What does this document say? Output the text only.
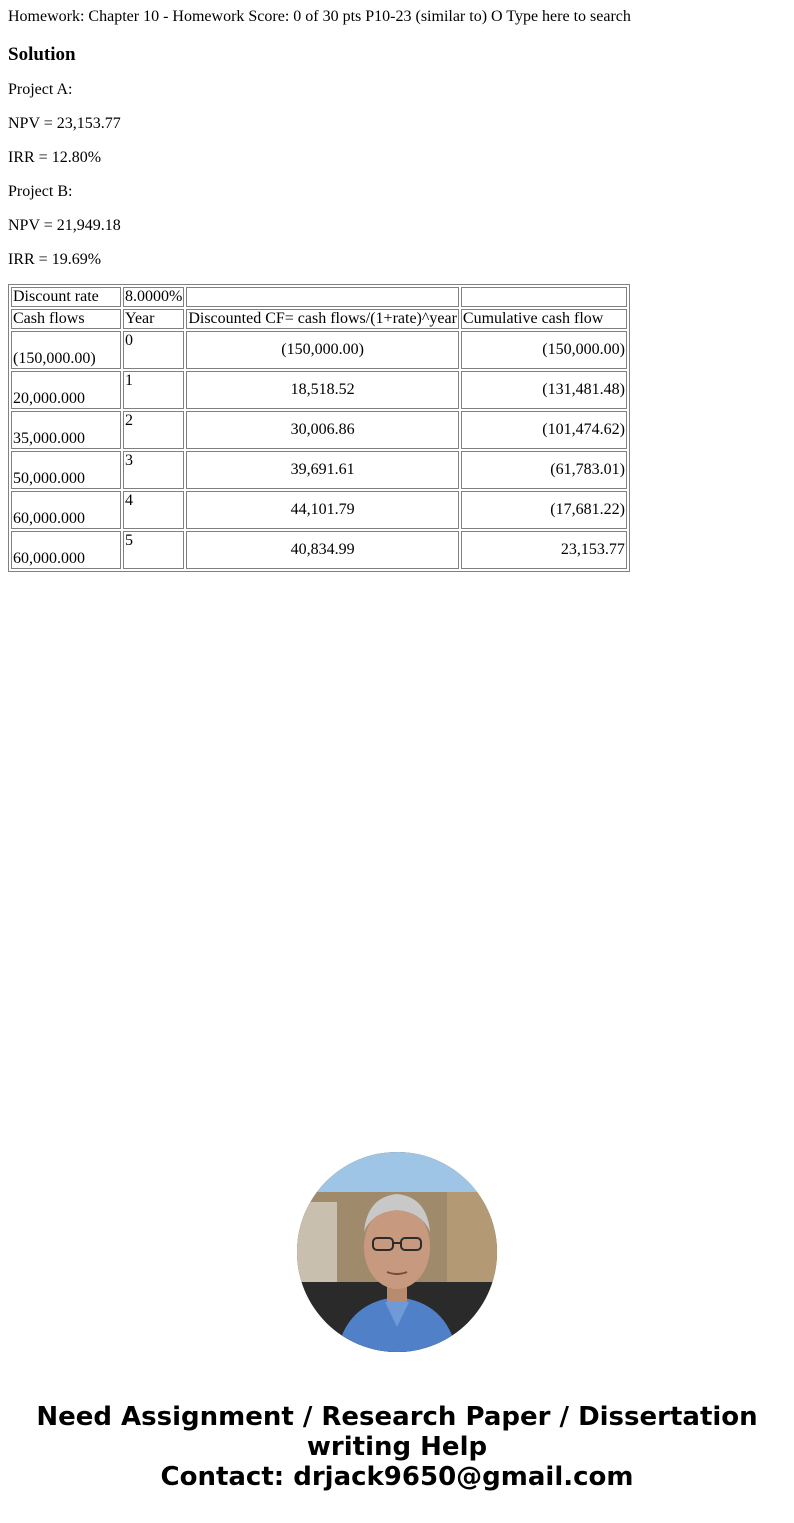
Homework: Chapter 10 - Homework Score: 0 of 30 pts P10-23 (similar to) O Type here to search
Solution

Project A:

NPV = 23,153.77

IRR = 12.80%

Project B:

NPV = 21,949.18

IRR = 19.69%

Discount rate	8.0000%		
Cash flows	Year	Discounted CF= cash flows/(1+rate)^year	Cumulative cash flow
(150,000.00)	0	(150,000.00)	(150,000.00)
20,000.000	1	18,518.52	(131,481.48)
35,000.000	2	30,006.86	(101,474.62)
50,000.000	3	39,691.61	(61,783.01)
60,000.000	4	44,101.79	(17,681.22)
60,000.000	5	40,834.99	23,153.77
Need Assignment / Research Paper / Dissertation
writing Help
Contact: drjack9650@gmail.com
